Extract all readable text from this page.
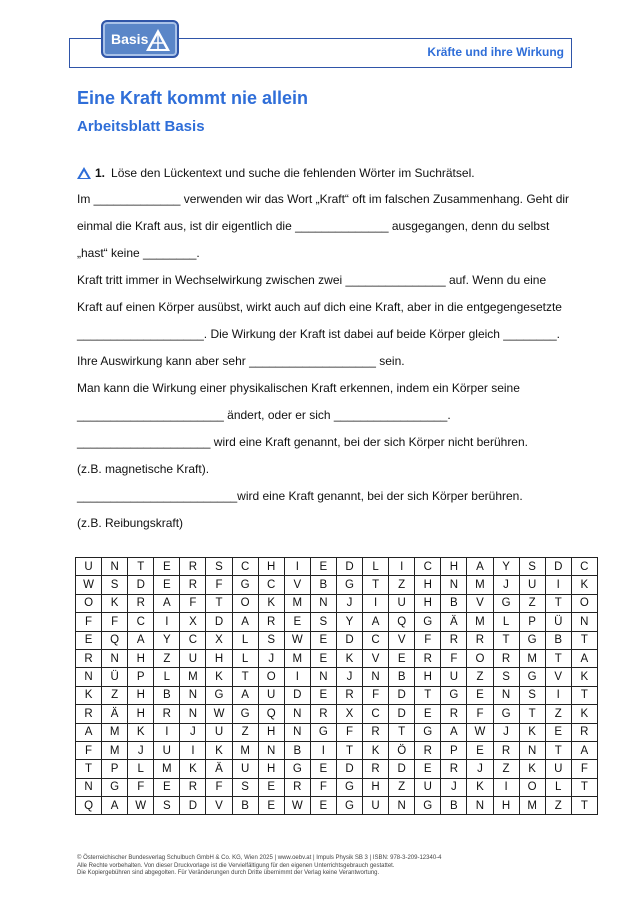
Basis
Kräfte und ihre Wirkung
Eine Kraft kommt nie allein
Arbeitsblatt Basis
1. Löse den Lückentext und suche die fehlenden Wörter im Suchrätsel.
Im _____________ verwenden wir das Wort „Kraft“ oft im falschen Zusammenhang. Geht dir
einmal die Kraft aus, ist dir eigentlich die ______________ ausgegangen, denn du selbst
„hast“ keine ________.
Kraft tritt immer in Wechselwirkung zwischen zwei _______________ auf. Wenn du eine
Kraft auf einen Körper ausübst, wirkt auch auf dich eine Kraft, aber in die entgegengesetzte
___________________. Die Wirkung der Kraft ist dabei auf beide Körper gleich ________.
Ihre Auswirkung kann aber sehr ___________________ sein.
Man kann die Wirkung einer physikalischen Kraft erkennen, indem ein Körper seine
______________________ ändert, oder er sich _________________.
____________________ wird eine Kraft genannt, bei der sich Körper nicht berühren.
(z.B. magnetische Kraft).
________________________wird eine Kraft genannt, bei der sich Körper berühren.
(z.B. Reibungskraft)
U	N	T	E	R	S	C	H	I	E	D	L	I	C	H	A	Y	S	D	C
W	S	D	E	R	F	G	C	V	B	G	T	Z	H	N	M	J	U	I	K
O	K	R	A	F	T	O	K	M	N	J	I	U	H	B	V	G	Z	T	O
F	F	C	I	X	D	A	R	E	S	Y	A	Q	G	Ä	M	L	P	Ü	N
E	Q	A	Y	C	X	L	S	W	E	D	C	V	F	R	R	T	G	B	T
R	N	H	Z	U	H	L	J	M	E	K	V	E	R	F	O	R	M	T	A
N	Ü	P	L	M	K	T	O	I	N	J	N	B	H	U	Z	S	G	V	K
K	Z	H	B	N	G	A	U	D	E	R	F	D	T	G	E	N	S	I	T
R	Ä	H	R	N	W	G	Q	N	R	X	C	D	E	R	F	G	T	Z	K
A	M	K	I	J	U	Z	H	N	G	F	R	T	G	A	W	J	K	E	R
F	M	J	U	I	K	M	N	B	I	T	K	Ö	R	P	E	R	N	T	A
T	P	L	M	K	Ä	U	H	G	E	D	R	D	E	R	J	Z	K	U	F
N	G	F	E	R	F	S	E	R	F	G	H	Z	U	J	K	I	O	L	T
Q	A	W	S	D	V	B	E	W	E	G	U	N	G	B	N	H	M	Z	T
© Österreichischer Bundesverlag Schulbuch GmbH & Co. KG, Wien 2025 | www.oebv.at | Impuls Physik SB 3 | ISBN: 978-3-209-12340-4
Alle Rechte vorbehalten. Von dieser Druckvorlage ist die Vervielfältigung für den eigenen Unterrichtsgebrauch gestattet.
Die Kopiergebühren sind abgegolten. Für Veränderungen durch Dritte übernimmt der Verlag keine Verantwortung.
